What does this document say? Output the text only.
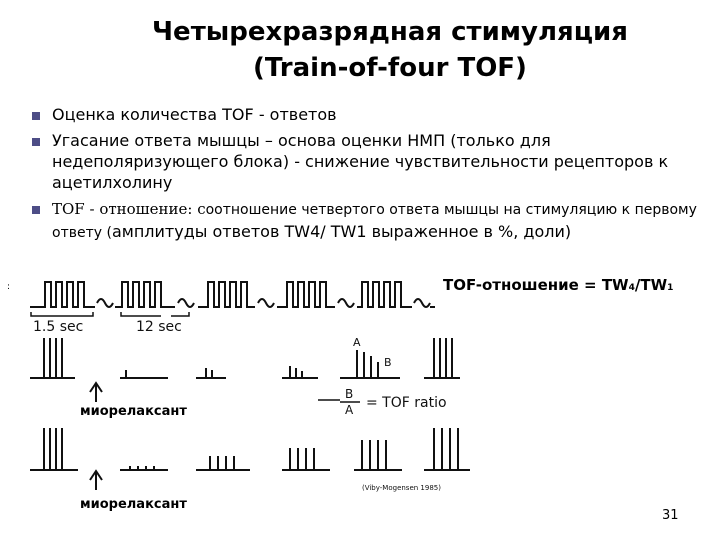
Четырехразрядная стимуляция
(Train-of-four TOF)
Оценка количества TOF - ответов
Угасание ответа мышцы – основа оценки НМП (только для недеполяризующего блока) - снижение чувствительности рецепторов к ацетилхолину
TOF - отношение: соотношение четвертого ответа мышцы на стимуляцию к первому ответу (амплитуды ответов TW4/ TW1 выраженное в %, доли)
:	TOF-отношение = TW4/TW1
1.5 sec	12 sec
A
B
B
A = TOF ratio
(Viby-Mogensen 1985)
миорелаксант
миорелаксант
31
